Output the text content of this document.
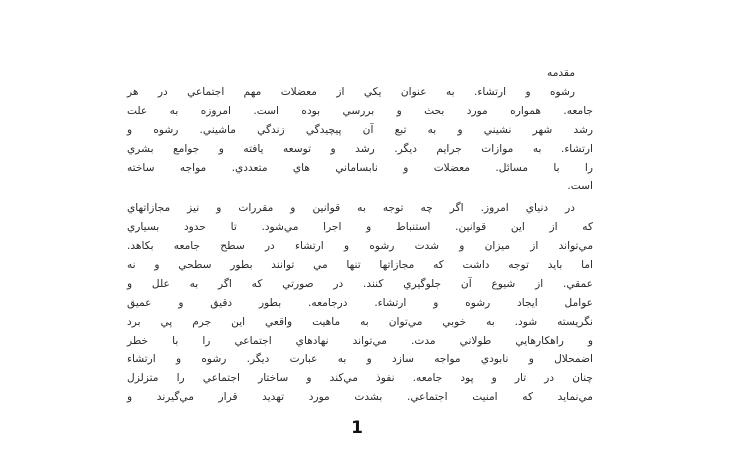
مقدمه
رشوه و ارتشاء. به عنوان يكي از معضلات مهم اجتماعي در هر
جامعه. همواره مورد بحث و بررسي بوده است. امروزه به علت
رشد شهر نشيني و به تبع آن پيچيدگي زندگي ماشيني. رشوه و
ارتشاء. به موازات جرايم ديگر. رشد و توسعه يافته و جوامع بشري
را با مسائل. معضلات و نابساماني هاي متعددي. مواجه ساخته
است.
در دنياي امروز. اگر چه توجه به قوانين و مقررات و نيز مجازاتهاي
كه از اين قوانين. استنباط و اجرا مي‌شود. تا حدود بسياري
مي‌تواند از ميزان و شدت رشوه و ارتشاء در سطح جامعه بكاهد.
اما بايد توجه داشت كه مجازاتها تنها مي توانند بطور سطحي و نه
عمقي. از شيوع آن جلوگيري كنند. در صورتي كه اگر به علل و
عوامل ايجاد رشوه و ارتشاء. درجامعه. بطور دقيق و عميق
نگريسته شود. به خوبي مي‌توان به ماهيت واقعي اين جرم پي برد
و راهكارهايي طولاني مدت. مي‌تواند نهادهاي اجتماعي را با خطر
اضمحلال و نابودي مواجه سازد و به عبارت ديگر. رشوه و ارتشاء
چنان در تار و پود جامعه. نفوذ مي‌كند و ساختار اجتماعي را متزلزل
مي‌نمايد كه امنيت اجتماعي. بشدت مورد تهديد قرار مي‌گيرند و
1
